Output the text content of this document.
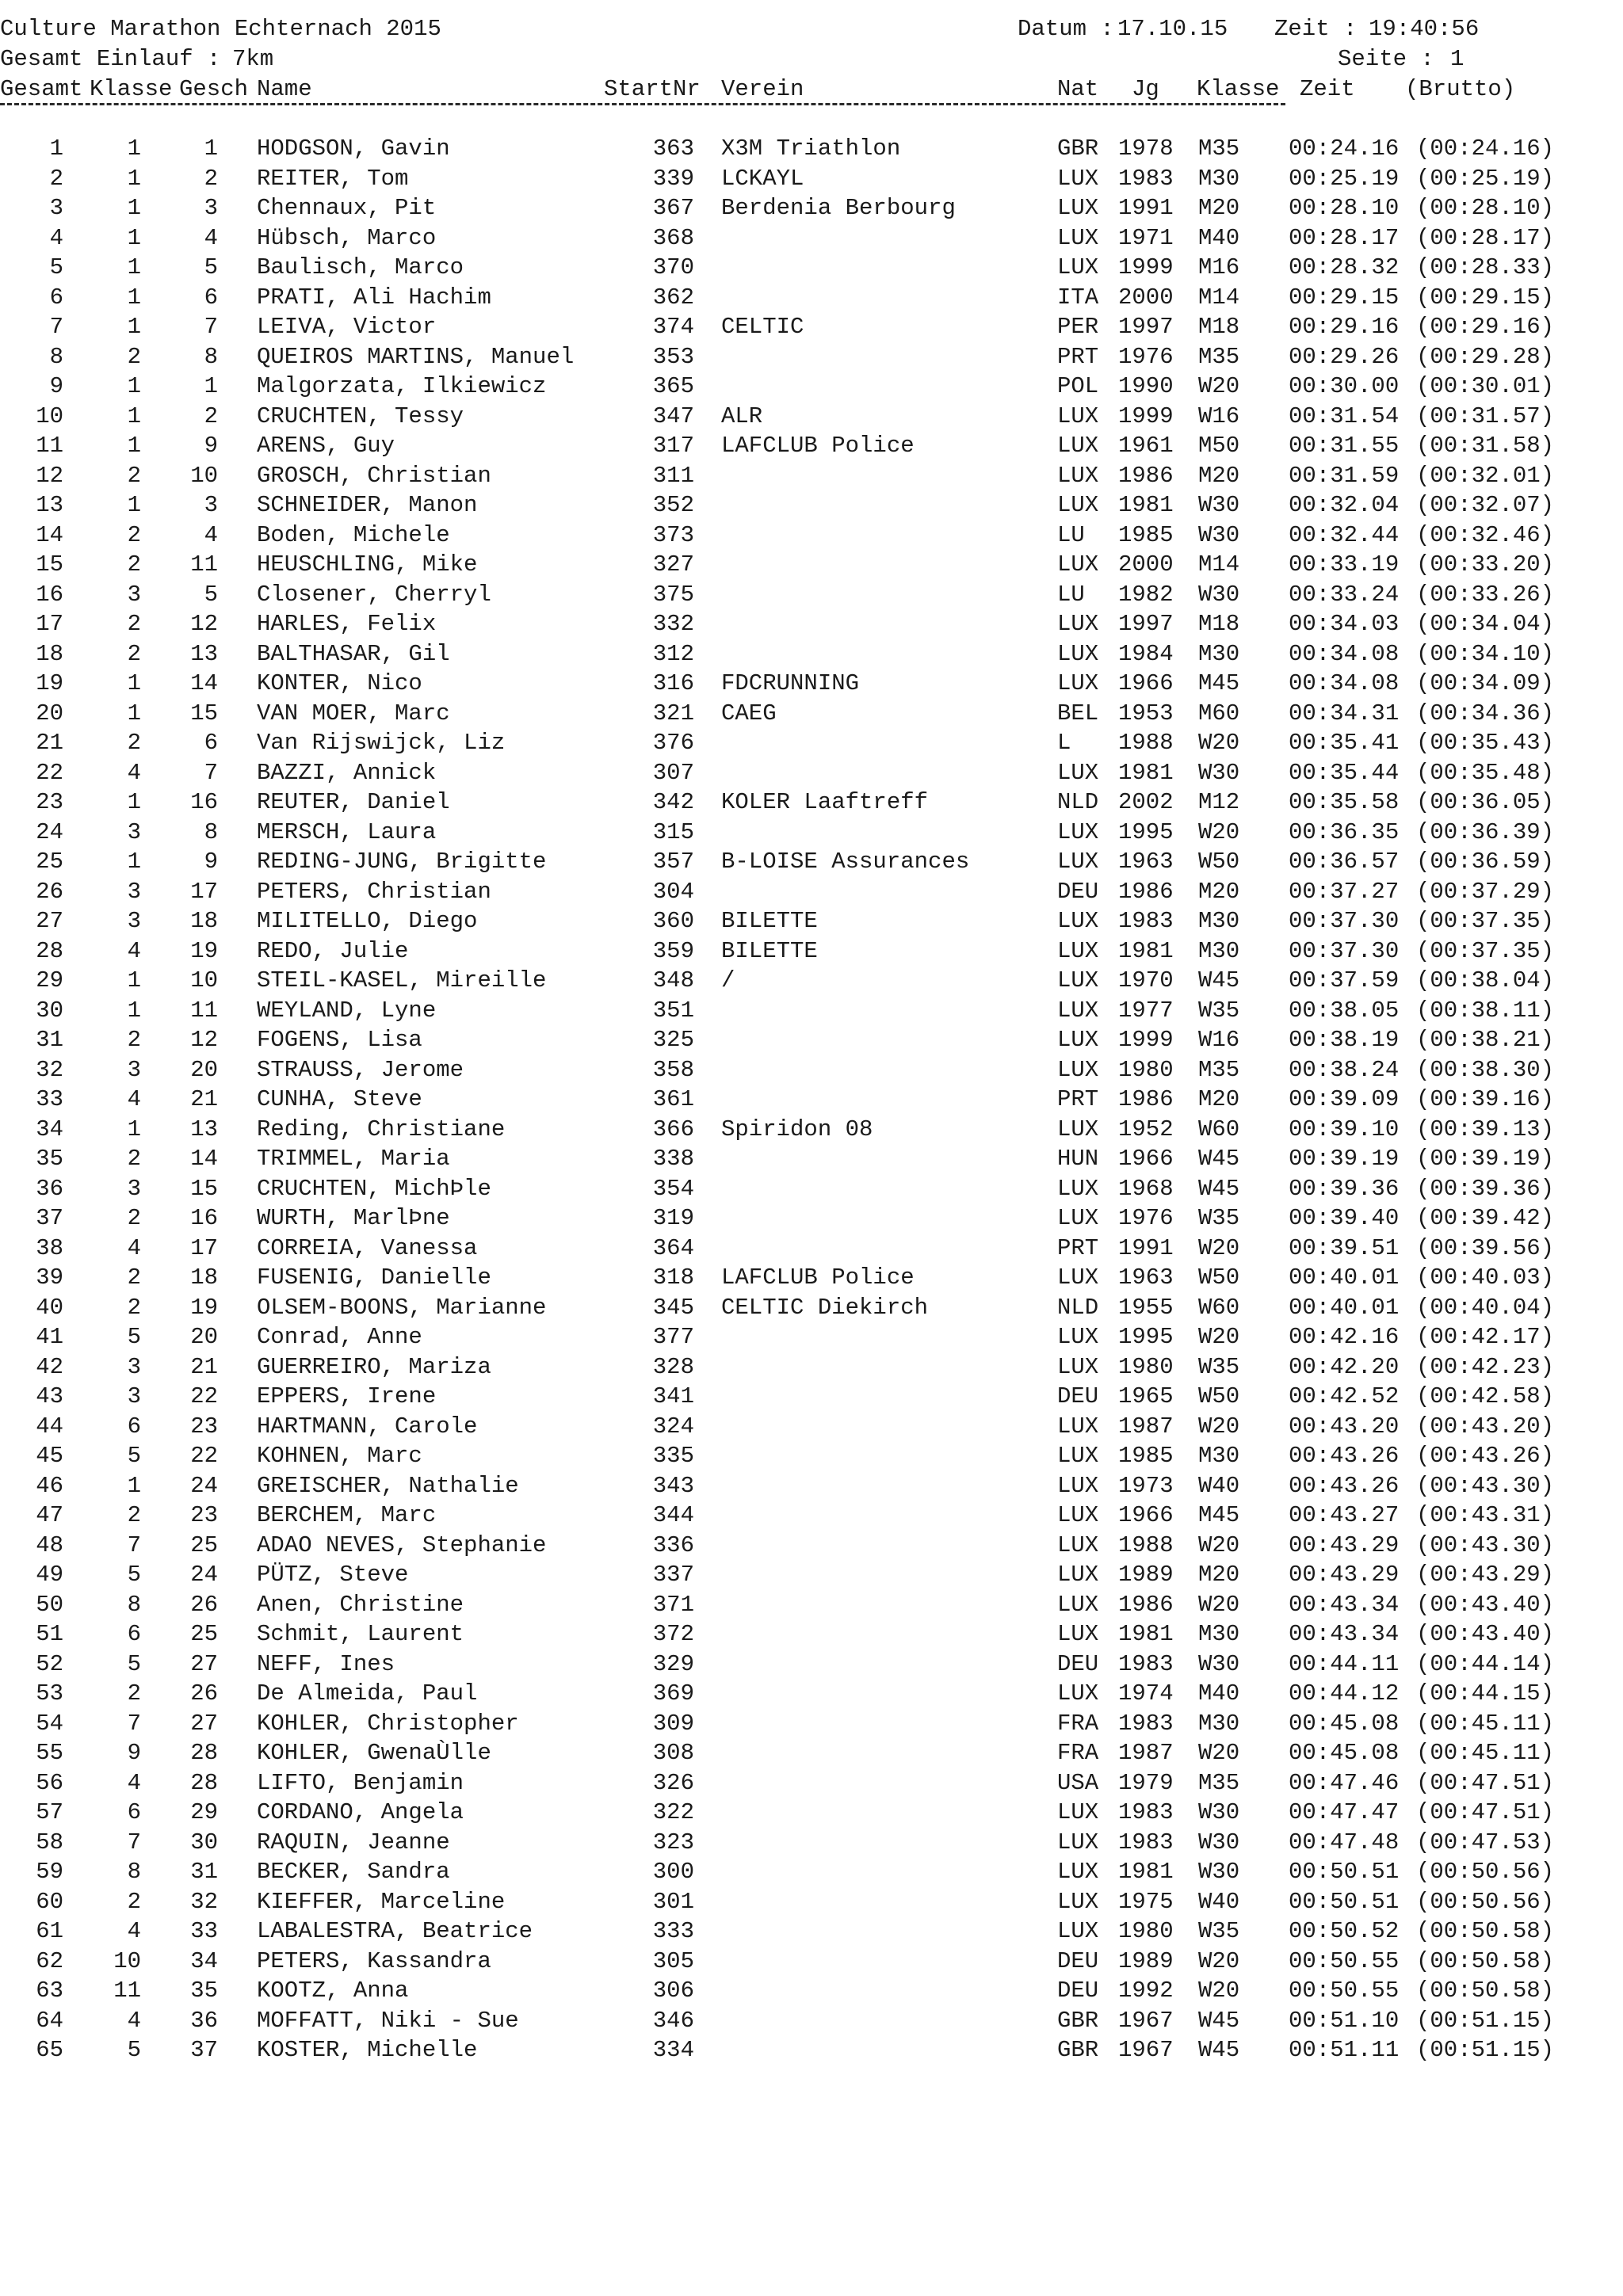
Culture Marathon Echternach 2015	Datum : 17.10.15 Zeit : 19:40:56
Gesamt Einlauf : 7km	Seite : 1
Gesamt Klasse Gesch Name	StartNr Verein	Nat Jg Klasse Zeit (Brutto)
1	1	1 HODGSON, Gavin	363 X3M Triathlon	GBR 1978 M35 00:24.16 (00:24.16)
2	1	2 REITER, Tom	339 LCKAYL	LUX 1983 M30 00:25.19 (00:25.19)
3	1	3 Chennaux, Pit	367 Berdenia Berbourg	LUX 1991 M20 00:28.10 (00:28.10)
4	1	4 Hübsch, Marco	368	LUX 1971 M40 00:28.17 (00:28.17)
5	1	5 Baulisch, Marco	370	LUX 1999 M16 00:28.32 (00:28.33)
6	1	6 PRATI, Ali Hachim	362	ITA 2000 M14 00:29.15 (00:29.15)
7	1	7 LEIVA, Victor	374 CELTIC	PER 1997 M18 00:29.16 (00:29.16)
8	2	8 QUEIROS MARTINS, Manuel	353	PRT 1976 M35 00:29.26 (00:29.28)
9	1	1 Malgorzata, Ilkiewicz	365	POL 1990 W20 00:30.00 (00:30.01)
10	1	2 CRUCHTEN, Tessy	347 ALR	LUX 1999 W16 00:31.54 (00:31.57)
11	1	9 ARENS, Guy	317 LAFCLUB Police	LUX 1961 M50 00:31.55 (00:31.58)
12	2	10 GROSCH, Christian	311	LUX 1986 M20 00:31.59 (00:32.01)
13	1	3 SCHNEIDER, Manon	352	LUX 1981 W30 00:32.04 (00:32.07)
14	2	4 Boden, Michele	373	LU 1985 W30 00:32.44 (00:32.46)
15	2	11 HEUSCHLING, Mike	327	LUX 2000 M14 00:33.19 (00:33.20)
16	3	5 Closener, Cherryl	375	LU 1982 W30 00:33.24 (00:33.26)
17	2	12 HARLES, Felix	332	LUX 1997 M18 00:34.03 (00:34.04)
18	2	13 BALTHASAR, Gil	312	LUX 1984 M30 00:34.08 (00:34.10)
19	1	14 KONTER, Nico	316 FDCRUNNING	LUX 1966 M45 00:34.08 (00:34.09)
20	1	15 VAN MOER, Marc	321 CAEG	BEL 1953 M60 00:34.31 (00:34.36)
21	2	6 Van Rijswijck, Liz	376	L 1988 W20 00:35.41 (00:35.43)
22	4	7 BAZZI, Annick	307	LUX 1981 W30 00:35.44 (00:35.48)
23	1	16 REUTER, Daniel	342 KOLER Laaftreff	NLD 2002 M12 00:35.58 (00:36.05)
24	3	8 MERSCH, Laura	315	LUX 1995 W20 00:36.35 (00:36.39)
25	1	9 REDING-JUNG, Brigitte	357 B-LOISE Assurances	LUX 1963 W50 00:36.57 (00:36.59)
26	3	17 PETERS, Christian	304	DEU 1986 M20 00:37.27 (00:37.29)
27	3	18 MILITELLO, Diego	360 BILETTE	LUX 1983 M30 00:37.30 (00:37.35)
28	4	19 REDO, Julie	359 BILETTE	LUX 1981 M30 00:37.30 (00:37.35)
29	1	10 STEIL-KASEL, Mireille	348 /	LUX 1970 W45 00:37.59 (00:38.04)
30	1	11 WEYLAND, Lyne	351	LUX 1977 W35 00:38.05 (00:38.11)
31	2	12 FOGENS, Lisa	325	LUX 1999 W16 00:38.19 (00:38.21)
32	3	20 STRAUSS, Jerome	358	LUX 1980 M35 00:38.24 (00:38.30)
33	4	21 CUNHA, Steve	361	PRT 1986 M20 00:39.09 (00:39.16)
34	1	13 Reding, Christiane	366 Spiridon 08	LUX 1952 W60 00:39.10 (00:39.13)
35	2	14 TRIMMEL, Maria	338	HUN 1966 W45 00:39.19 (00:39.19)
36	3	15 CRUCHTEN, MichÞle	354	LUX 1968 W45 00:39.36 (00:39.36)
37	2	16 WURTH, MarlÞne	319	LUX 1976 W35 00:39.40 (00:39.42)
38	4	17 CORREIA, Vanessa	364	PRT 1991 W20 00:39.51 (00:39.56)
39	2	18 FUSENIG, Danielle	318 LAFCLUB Police	LUX 1963 W50 00:40.01 (00:40.03)
40	2	19 OLSEM-BOONS, Marianne	345 CELTIC Diekirch	NLD 1955 W60 00:40.01 (00:40.04)
41	5	20 Conrad, Anne	377	LUX 1995 W20 00:42.16 (00:42.17)
42	3	21 GUERREIRO, Mariza	328	LUX 1980 W35 00:42.20 (00:42.23)
43	3	22 EPPERS, Irene	341	DEU 1965 W50 00:42.52 (00:42.58)
44	6	23 HARTMANN, Carole	324	LUX 1987 W20 00:43.20 (00:43.20)
45	5	22 KOHNEN, Marc	335	LUX 1985 M30 00:43.26 (00:43.26)
46	1	24 GREISCHER, Nathalie	343	LUX 1973 W40 00:43.26 (00:43.30)
47	2	23 BERCHEM, Marc	344	LUX 1966 M45 00:43.27 (00:43.31)
48	7	25 ADAO NEVES, Stephanie	336	LUX 1988 W20 00:43.29 (00:43.30)
49	5	24 PÜTZ, Steve	337	LUX 1989 M20 00:43.29 (00:43.29)
50	8	26 Anen, Christine	371	LUX 1986 W20 00:43.34 (00:43.40)
51	6	25 Schmit, Laurent	372	LUX 1981 M30 00:43.34 (00:43.40)
52	5	27 NEFF, Ines	329	DEU 1983 W30 00:44.11 (00:44.14)
53	2	26 De Almeida, Paul	369	LUX 1974 M40 00:44.12 (00:44.15)
54	7	27 KOHLER, Christopher	309	FRA 1983 M30 00:45.08 (00:45.11)
55	9	28 KOHLER, GwenaÙlle	308	FRA 1987 W20 00:45.08 (00:45.11)
56	4	28 LIFTO, Benjamin	326	USA 1979 M35 00:47.46 (00:47.51)
57	6	29 CORDANO, Angela	322	LUX 1983 W30 00:47.47 (00:47.51)
58	7	30 RAQUIN, Jeanne	323	LUX 1983 W30 00:47.48 (00:47.53)
59	8	31 BECKER, Sandra	300	LUX 1981 W30 00:50.51 (00:50.56)
60	2	32 KIEFFER, Marceline	301	LUX 1975 W40 00:50.51 (00:50.56)
61	4	33 LABALESTRA, Beatrice	333	LUX 1980 W35 00:50.52 (00:50.58)
62	10	34 PETERS, Kassandra	305	DEU 1989 W20 00:50.55 (00:50.58)
63	11	35 KOOTZ, Anna	306	DEU 1992 W20 00:50.55 (00:50.58)
64	4	36 MOFFATT, Niki - Sue	346	GBR 1967 W45 00:51.10 (00:51.15)
65	5	37 KOSTER, Michelle	334	GBR 1967 W45 00:51.11 (00:51.15)
